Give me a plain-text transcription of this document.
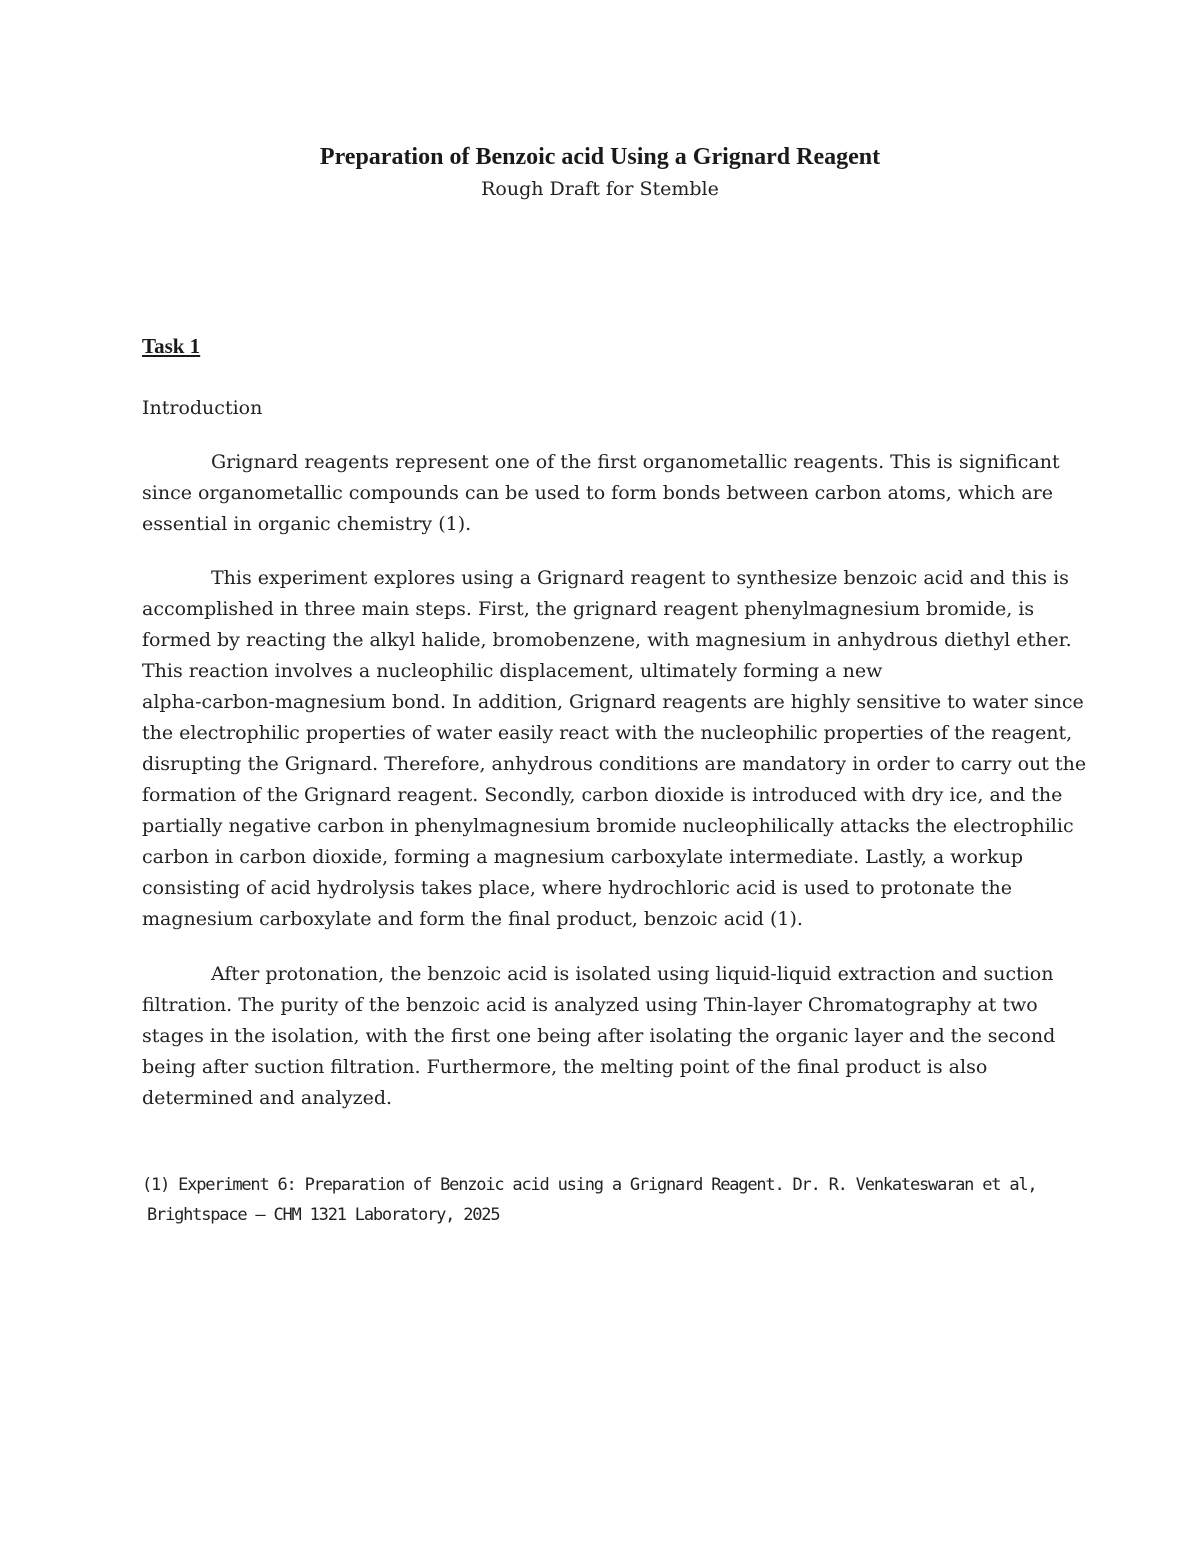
Preparation of Benzoic acid Using a Grignard Reagent
Rough Draft for Stemble
Task 1
Introduction

Grignard reagents represent one of the first organometallic reagents. This is significant
since organometallic compounds can be used to form bonds between carbon atoms, which are
essential in organic chemistry (1).

This experiment explores using a Grignard reagent to synthesize benzoic acid and this is
accomplished in three main steps. First, the grignard reagent phenylmagnesium bromide, is
formed by reacting the alkyl halide, bromobenzene, with magnesium in anhydrous diethyl ether.
This reaction involves a nucleophilic displacement, ultimately forming a new
alpha-carbon-magnesium bond. In addition, Grignard reagents are highly sensitive to water since
the electrophilic properties of water easily react with the nucleophilic properties of the reagent,
disrupting the Grignard. Therefore, anhydrous conditions are mandatory in order to carry out the
formation of the Grignard reagent. Secondly, carbon dioxide is introduced with dry ice, and the
partially negative carbon in phenylmagnesium bromide nucleophilically attacks the electrophilic
carbon in carbon dioxide, forming a magnesium carboxylate intermediate. Lastly, a workup
consisting of acid hydrolysis takes place, where hydrochloric acid is used to protonate the
magnesium carboxylate and form the final product, benzoic acid (1).

After protonation, the benzoic acid is isolated using liquid-liquid extraction and suction
filtration. The purity of the benzoic acid is analyzed using Thin-layer Chromatography at two
stages in the isolation, with the first one being after isolating the organic layer and the second
being after suction filtration. Furthermore, the melting point of the final product is also
determined and analyzed.

(1) Experiment 6: Preparation of Benzoic acid using a Grignard Reagent. Dr. R. Venkateswaran et al,
Brightspace – CHM 1321 Laboratory, 2025
